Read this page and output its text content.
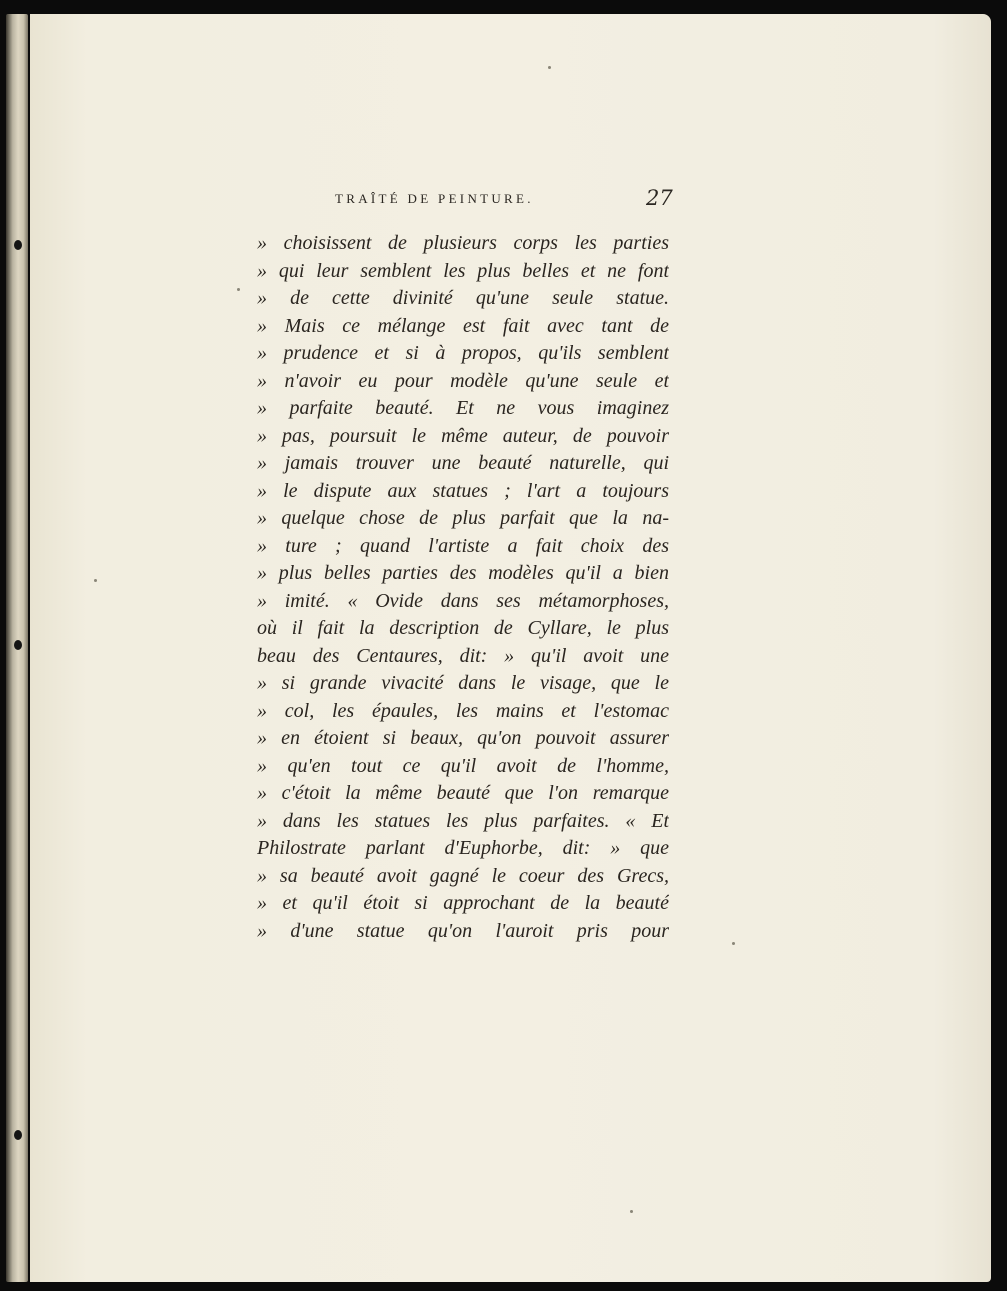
TRAÎTÉ DE PEINTURE.	27
» choisissent de plusieurs corps les parties
» qui leur semblent les plus belles et ne font
» de cette divinité qu'une seule statue.
» Mais ce mélange est fait avec tant de
» prudence et si à propos, qu'ils semblent
» n'avoir eu pour modèle qu'une seule et
» parfaite beauté. Et ne vous imaginez
» pas, poursuit le même auteur, de pouvoir
» jamais trouver une beauté naturelle, qui
» le dispute aux statues ; l'art a toujours
» quelque chose de plus parfait que la na-
» ture ; quand l'artiste a fait choix des
» plus belles parties des modèles qu'il a bien
» imité. « Ovide dans ses métamorphoses,
où il fait la description de Cyllare, le plus
beau des Centaures, dit: » qu'il avoit une
» si grande vivacité dans le visage, que le
» col, les épaules, les mains et l'estomac
» en étoient si beaux, qu'on pouvoit assurer
» qu'en tout ce qu'il avoit de l'homme,
» c'étoit la même beauté que l'on remarque
» dans les statues les plus parfaites. « Et
Philostrate parlant d'Euphorbe, dit: » que
» sa beauté avoit gagné le coeur des Grecs,
» et qu'il étoit si approchant de la beauté
» d'une statue qu'on l'auroit pris pour
